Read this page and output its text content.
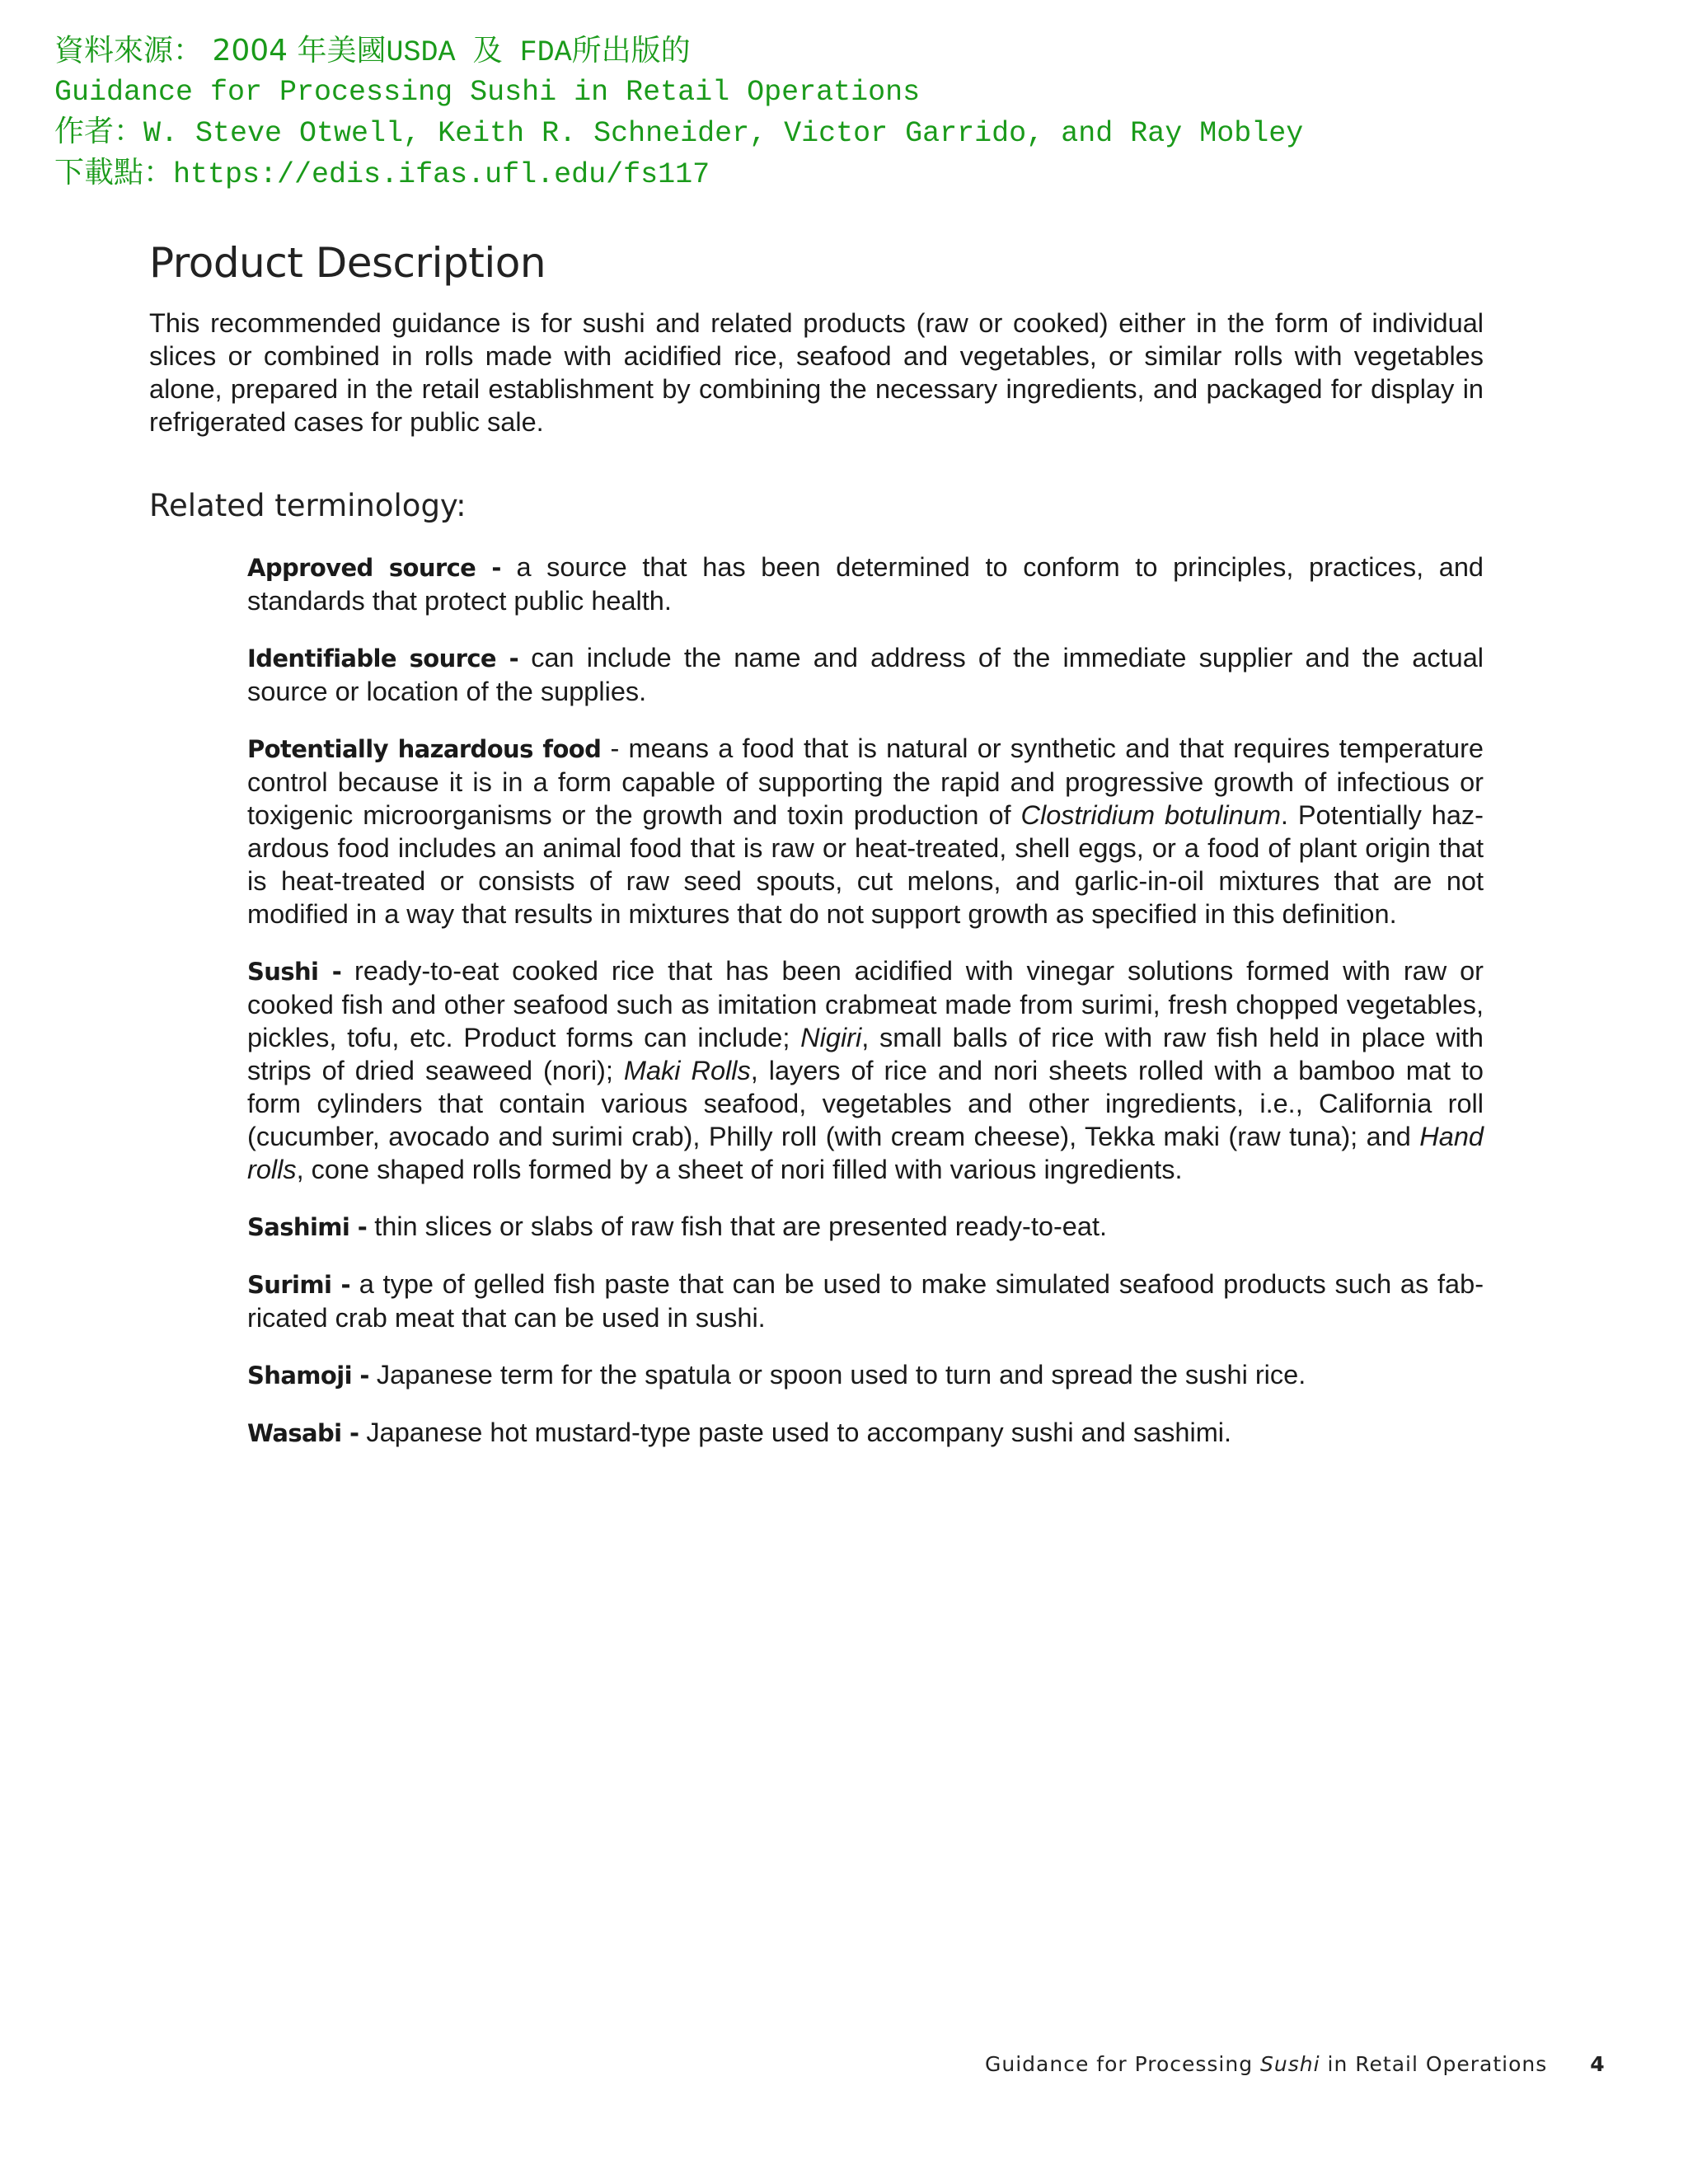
資料來源： 2004 年美國USDA 及 FDA所出版的
Guidance for Processing Sushi in Retail Operations
作者：W. Steve Otwell, Keith R. Schneider, Victor Garrido, and Ray Mobley
下載點：https://edis.ifas.ufl.edu/fs117
Product Description

This recommended guidance is for sushi and related products (raw or cooked) either in the form of individual slices or combined in rolls made with acidified rice, seafood and vegetables, or similar rolls with vegetables alone, prepared in the retail establishment by combining the necessary ingredients, and packaged for display in refrigerated cases for public sale.

Related terminology:

Approved source - a source that has been determined to conform to principles, practices, and standards that protect public health.

Identifiable source - can include the name and address of the immediate supplier and the actual source or location of the supplies.

Potentially hazardous food - means a food that is natural or synthetic and that requires temperature control because it is in a form capable of supporting the rapid and progressive growth of infectious or toxigenic microorganisms or the growth and toxin production of Clostridium botulinum. Potentially hazardous food includes an animal food that is raw or heat-treated, shell eggs, or a food of plant origin that is heat-treated or consists of raw seed spouts, cut melons, and garlic-in-oil mixtures that are not modified in a way that results in mixtures that do not support growth as specified in this definition.

Sushi - ready-to-eat cooked rice that has been acidified with vinegar solutions formed with raw or cooked fish and other seafood such as imitation crabmeat made from surimi, fresh chopped vegetables, pickles, tofu, etc. Product forms can include; Nigiri, small balls of rice with raw fish held in place with strips of dried seaweed (nori); Maki Rolls, layers of rice and nori sheets rolled with a bamboo mat to form cylinders that contain various seafood, vegetables and other ingredients, i.e., California roll (cucumber, avocado and surimi crab), Philly roll (with cream cheese), Tekka maki (raw tuna); and Hand rolls, cone shaped rolls formed by a sheet of nori filled with various ingredients.

Sashimi - thin slices or slabs of raw fish that are presented ready-to-eat.

Surimi - a type of gelled fish paste that can be used to make simulated seafood products such as fabricated crab meat that can be used in sushi.

Shamoji - Japanese term for the spatula or spoon used to turn and spread the sushi rice.

Wasabi - Japanese hot mustard-type paste used to accompany sushi and sashimi.

Guidance for Processing Sushi in Retail Operations 4
